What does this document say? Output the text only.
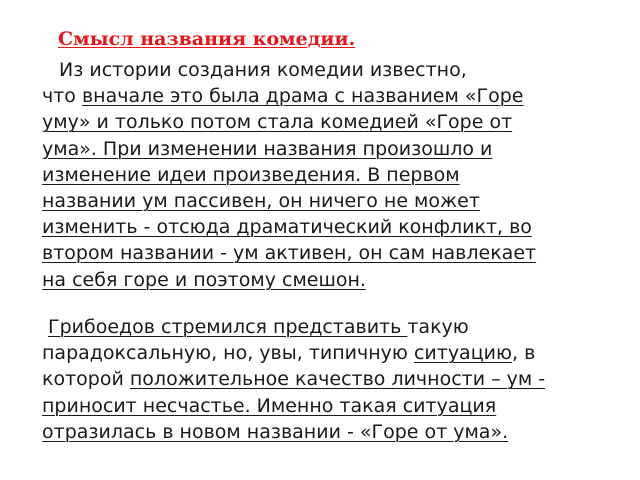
Смысл названия комедии.

Из истории создания комедии известно,
что вначале это была драма с названием «Горе
уму» и только потом стала комедией «Горе от
ума». При изменении названия произошло и
изменение идеи произведения. В первом
названии ум пассивен, он ничего не может
изменить - отсюда драматический конфликт, во
втором названии - ум активен, он сам навлекает
на себя горе и поэтому смешон.

Грибоедов стремился представить такую
парадоксальную, но, увы, типичную ситуацию, в
которой положительное качество личности – ум -
приносит несчастье. Именно такая ситуация
отразилась в новом названии - «Горе от ума».
